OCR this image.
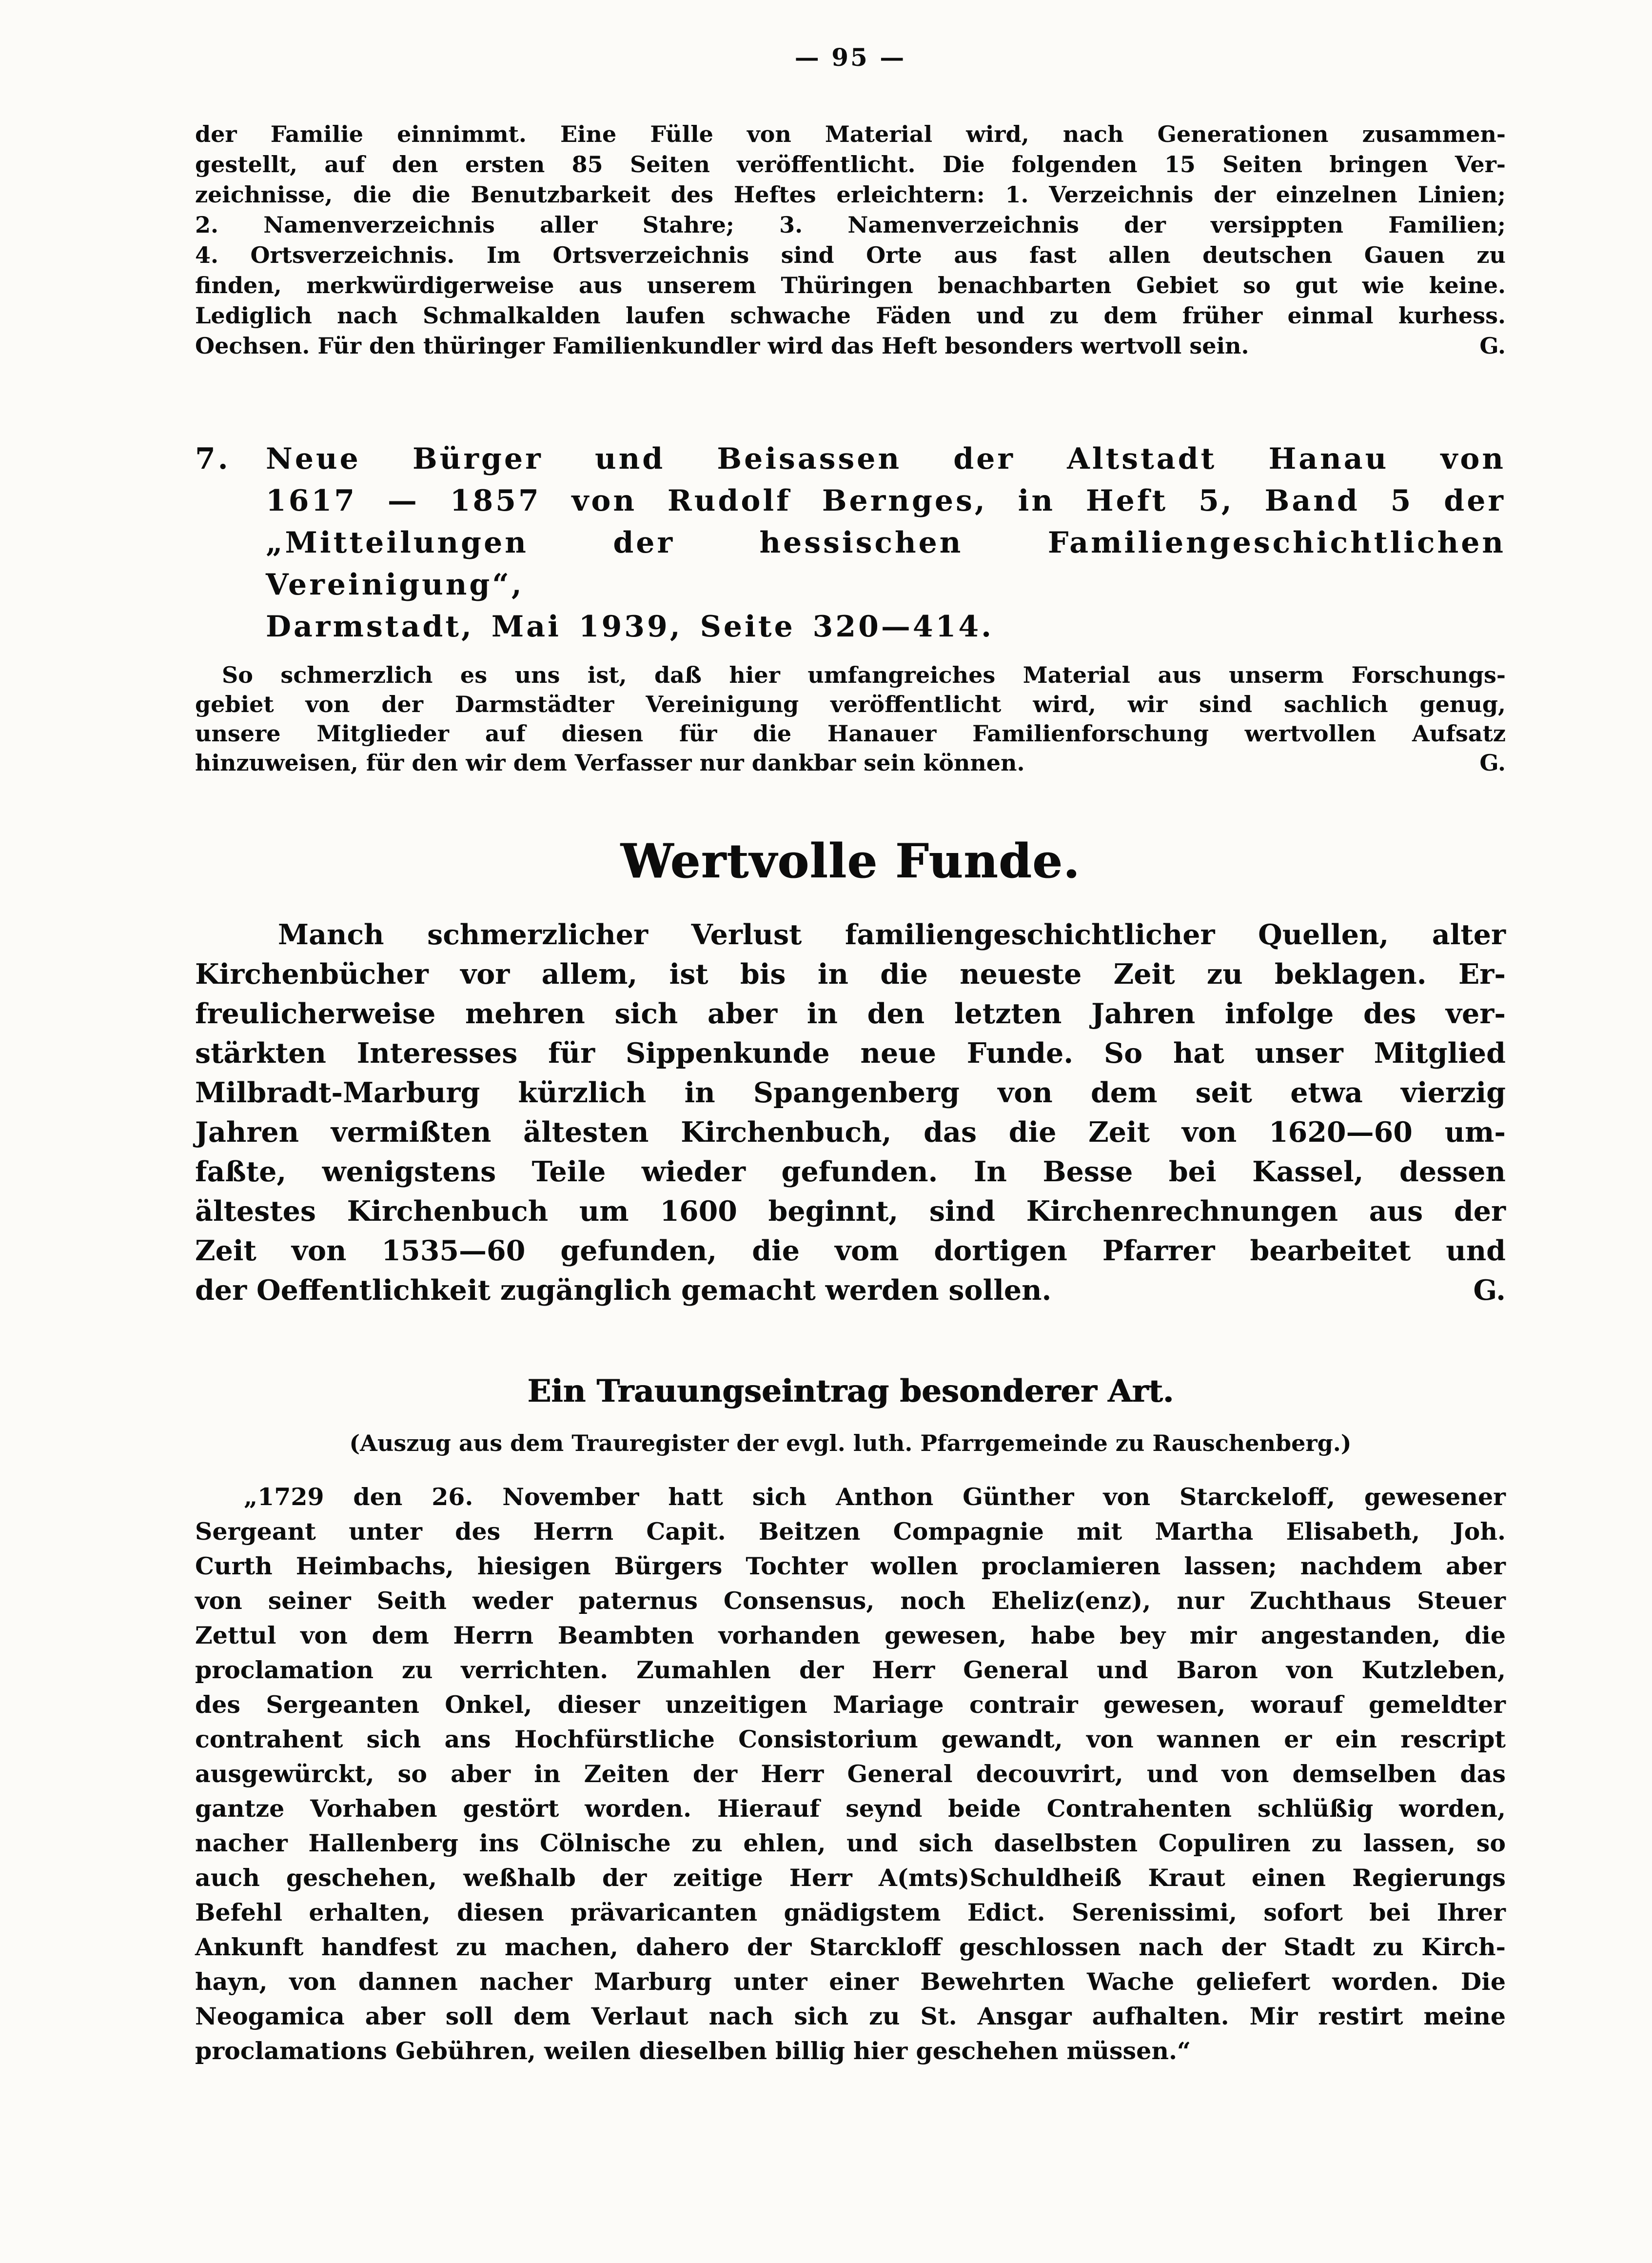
— 95 —
der Familie einnimmt. Eine Fülle von Material wird, nach Generationen zusammen-
gestellt, auf den ersten 85 Seiten veröffentlicht. Die folgenden 15 Seiten bringen Ver-
zeichnisse, die die Benutzbarkeit des Heftes erleichtern: 1. Verzeichnis der einzelnen Linien;
2. Namenverzeichnis aller Stahre; 3. Namenverzeichnis der versippten Familien;
4. Ortsverzeichnis. Im Ortsverzeichnis sind Orte aus fast allen deutschen Gauen zu
finden, merkwürdigerweise aus unserem Thüringen benachbarten Gebiet so gut wie keine.
Lediglich nach Schmalkalden laufen schwache Fäden und zu dem früher einmal kurhess.
Oechsen. Für den thüringer Familienkundler wird das Heft besonders wertvoll sein.	G.
7.	Neue Bürger und Beisassen der Altstadt Hanau von
1617 — 1857 von Rudolf Bernges, in Heft 5, Band 5 der
„Mitteilungen der hessischen Familiengeschichtlichen Vereinigung“,
Darmstadt, Mai 1939, Seite 320—414.
So schmerzlich es uns ist, daß hier umfangreiches Material aus unserm Forschungs-
gebiet von der Darmstädter Vereinigung veröffentlicht wird, wir sind sachlich genug,
unsere Mitglieder auf diesen für die Hanauer Familienforschung wertvollen Aufsatz
hinzuweisen, für den wir dem Verfasser nur dankbar sein können.	G.
Wertvolle Funde.
Manch schmerzlicher Verlust familiengeschichtlicher Quellen, alter
Kirchenbücher vor allem, ist bis in die neueste Zeit zu beklagen. Er-
freulicherweise mehren sich aber in den letzten Jahren infolge des ver-
stärkten Interesses für Sippenkunde neue Funde. So hat unser Mitglied
Milbradt-Marburg kürzlich in Spangenberg von dem seit etwa vierzig
Jahren vermißten ältesten Kirchenbuch, das die Zeit von 1620—60 um-
faßte, wenigstens Teile wieder gefunden. In Besse bei Kassel, dessen
ältestes Kirchenbuch um 1600 beginnt, sind Kirchenrechnungen aus der
Zeit von 1535—60 gefunden, die vom dortigen Pfarrer bearbeitet und
der Oeffentlichkeit zugänglich gemacht werden sollen.	G.
Ein Trauungseintrag besonderer Art.
(Auszug aus dem Trauregister der evgl. luth. Pfarrgemeinde zu Rauschenberg.)
„1729 den 26. November hatt sich Anthon Günther von Starckeloff, gewesener
Sergeant unter des Herrn Capit. Beitzen Compagnie mit Martha Elisabeth, Joh.
Curth Heimbachs, hiesigen Bürgers Tochter wollen proclamieren lassen; nachdem aber
von seiner Seith weder paternus Consensus, noch Eheliz(enz), nur Zuchthaus Steuer
Zettul von dem Herrn Beambten vorhanden gewesen, habe bey mir angestanden, die
proclamation zu verrichten. Zumahlen der Herr General und Baron von Kutzleben,
des Sergeanten Onkel, dieser unzeitigen Mariage contrair gewesen, worauf gemeldter
contrahent sich ans Hochfürstliche Consistorium gewandt, von wannen er ein rescript
ausgewürckt, so aber in Zeiten der Herr General decouvrirt, und von demselben das
gantze Vorhaben gestört worden. Hierauf seynd beide Contrahenten schlüßig worden,
nacher Hallenberg ins Cölnische zu ehlen, und sich daselbsten Copuliren zu lassen, so
auch geschehen, weßhalb der zeitige Herr A(mts)Schuldheiß Kraut einen Regierungs
Befehl erhalten, diesen prävaricanten gnädigstem Edict. Serenissimi, sofort bei Ihrer
Ankunft handfest zu machen, dahero der Starckloff geschlossen nach der Stadt zu Kirch-
hayn, von dannen nacher Marburg unter einer Bewehrten Wache geliefert worden. Die
Neogamica aber soll dem Verlaut nach sich zu St. Ansgar aufhalten. Mir restirt meine
proclamations Gebühren, weilen dieselben billig hier geschehen müssen.“
